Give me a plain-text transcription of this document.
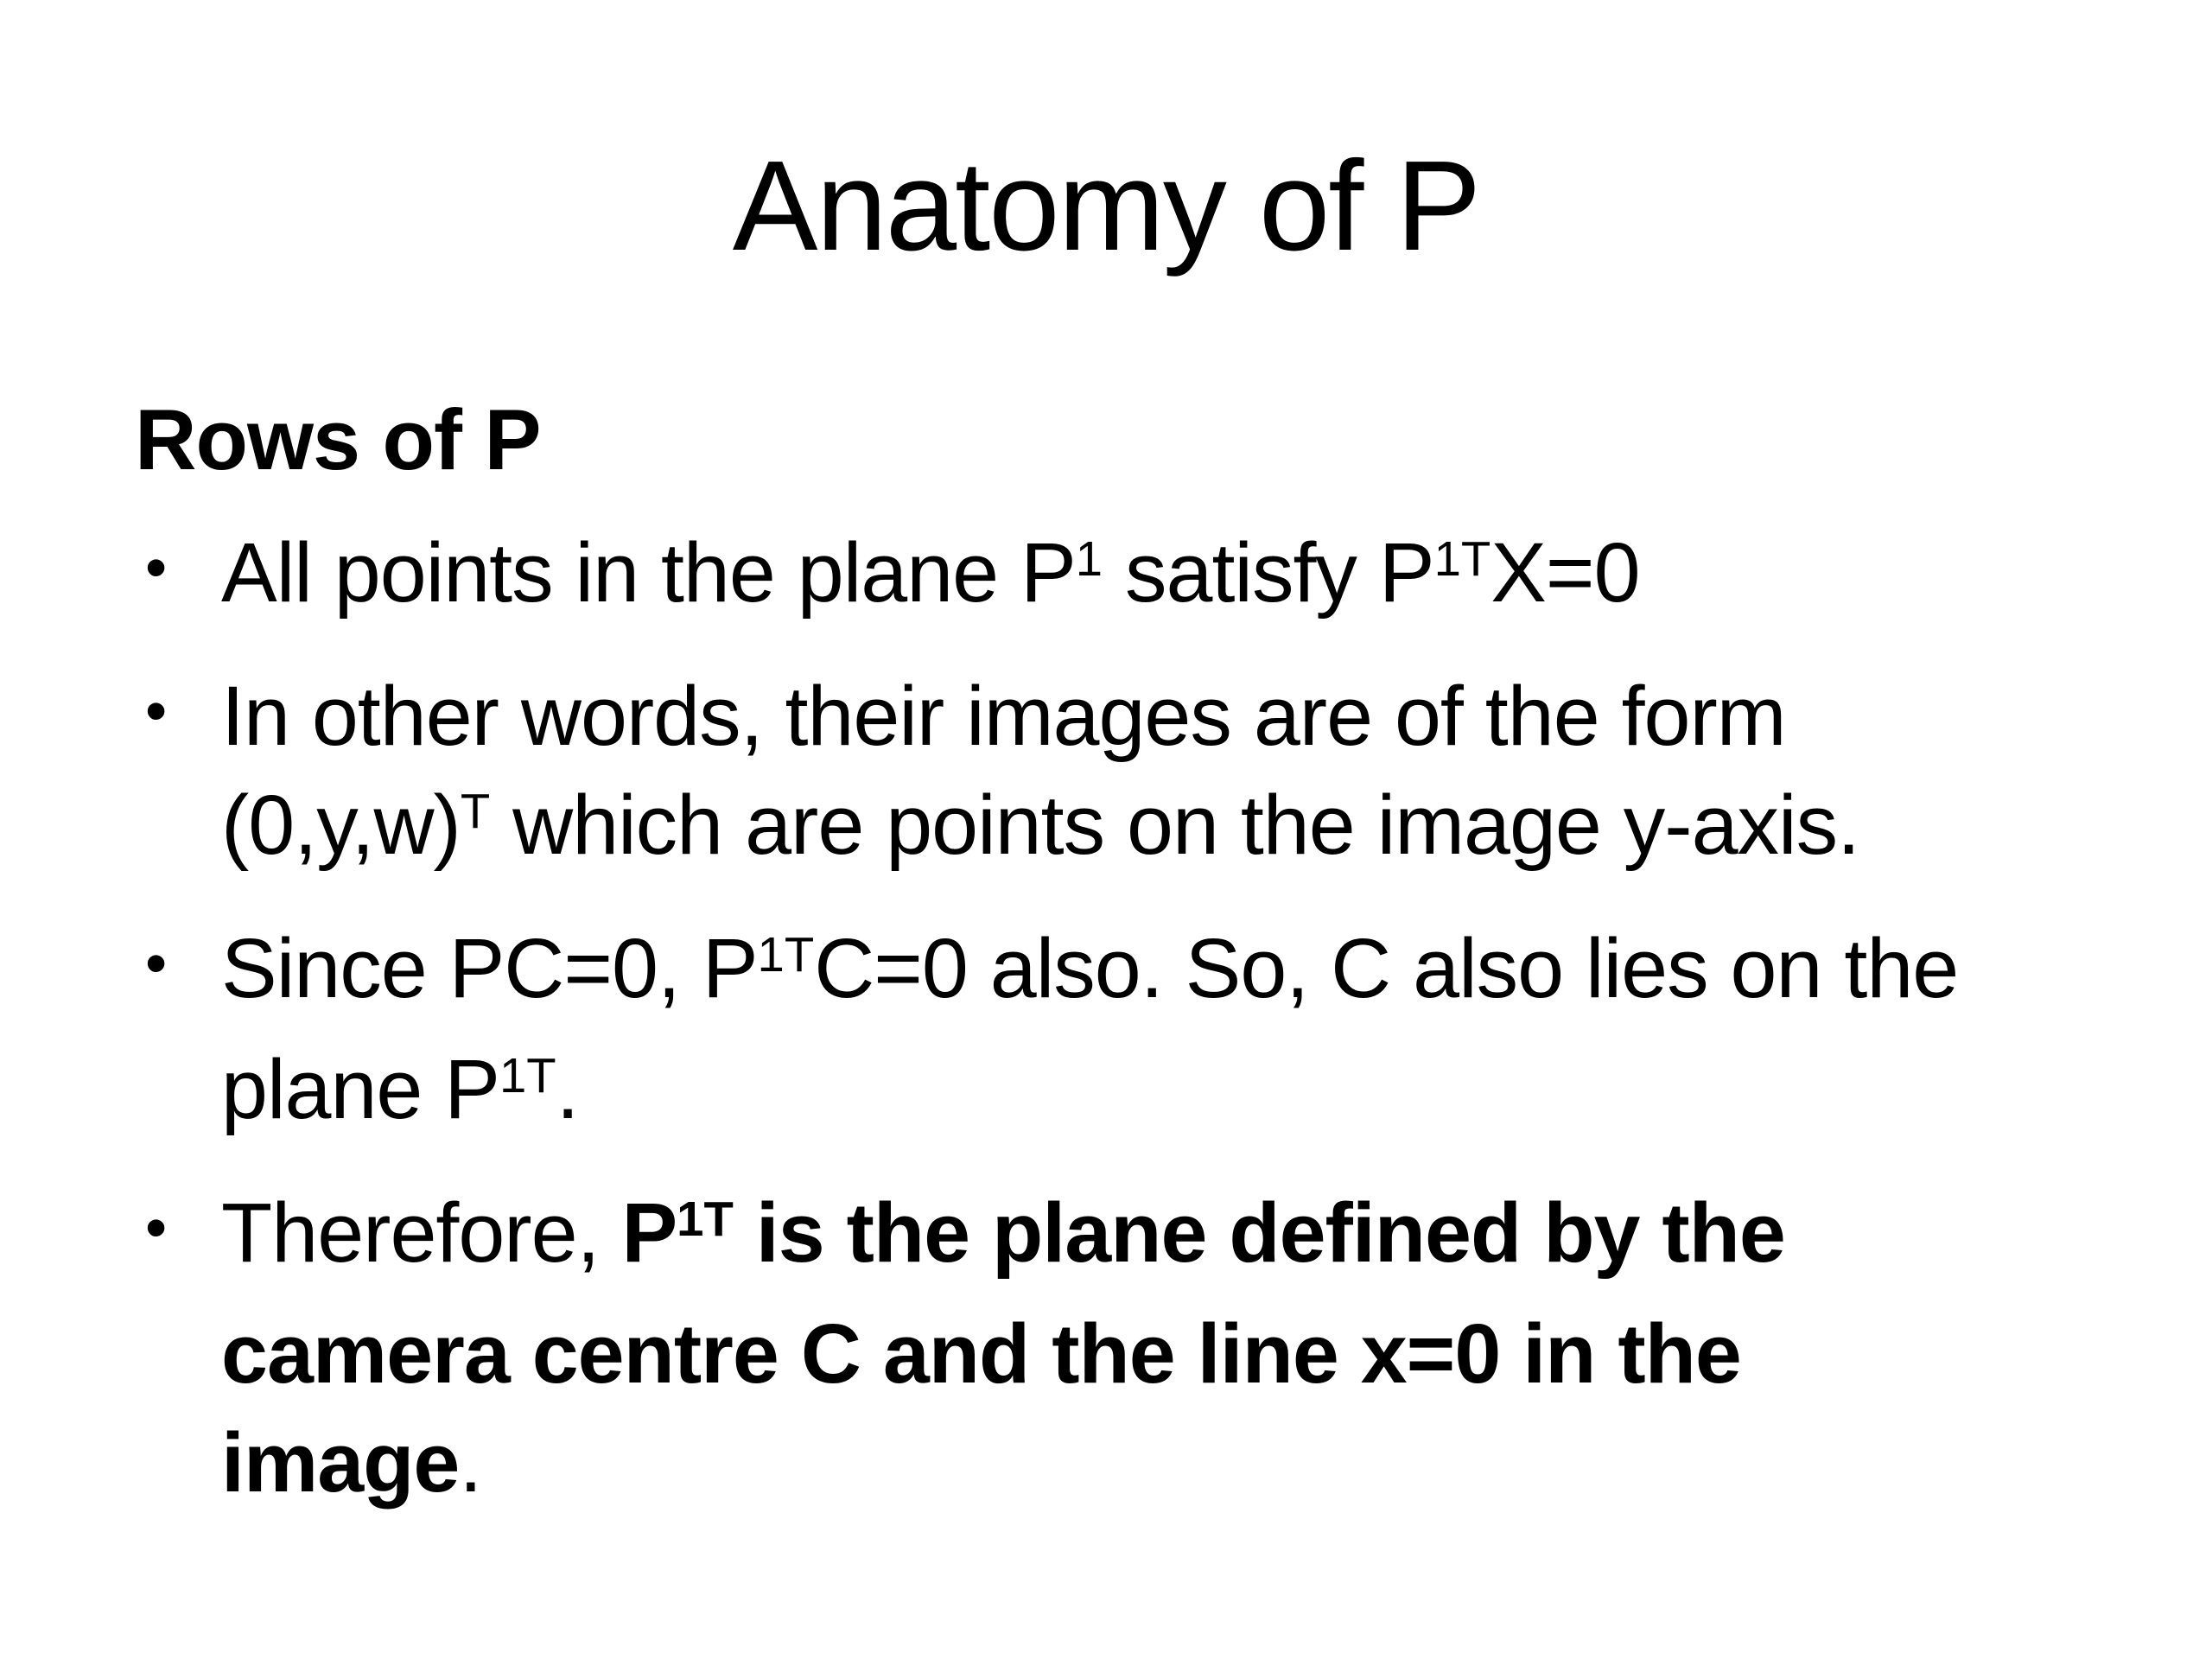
Anatomy of P
Rows of P
• All points in the plane $P^1$ satisfy $P^{1T}X=0$
• In other words, their images are of the form
$(0,y,w)^T$ which are points on the image y-axis.
• Since PC=0, $P^{1T}C=0$ also. So, C also lies on the
plane $P^{1T}$.
• Therefore, $P^{1T}$ is the plane defined by the
camera centre C and the line x=0 in the
image.
